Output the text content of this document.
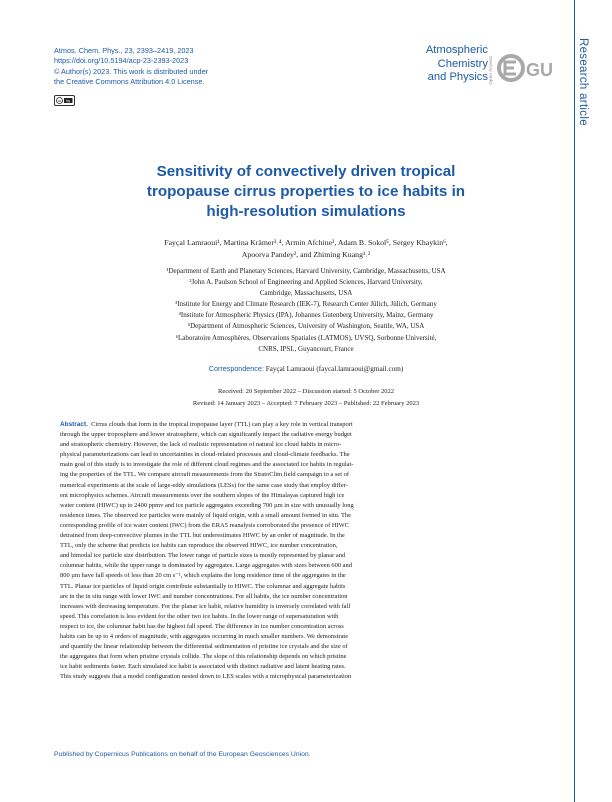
Atmos. Chem. Phys., 23, 2393–2419, 2023
https://doi.org/10.5194/acp-23-2393-2023
© Author(s) 2023. This work is distributed under
the Creative Commons Attribution 4.0 License.
cc by
Atmospheric
Chemistry
and Physics Open Access GU Research article
Sensitivity of convectively driven tropical
tropopause cirrus properties to ice habits in
high-resolution simulations
Fayçal Lamraoui¹, Martina Krämer³˒⁴, Armin Afchine³, Adam B. Sokol⁵, Sergey Khaykin⁶,
Apoorva Pandey², and Zhiming Kuang¹˒²
¹Department of Earth and Planetary Sciences, Harvard University, Cambridge, Massachusetts, USA
²John A. Paulson School of Engineering and Applied Sciences, Harvard University,
Cambridge, Massachusetts, USA
³Institute for Energy and Climate Research (IEK-7), Research Center Jülich, Jülich, Germany
⁴Institute for Atmospheric Physics (IPA), Johannes Gutenberg University, Mainz, Germany
⁵Department of Atmospheric Sciences, University of Washington, Seattle, WA, USA
⁶Laboratoire Atmosphères, Observations Spatiales (LATMOS), UVSQ, Sorbonne Université,
CNRS, IPSL, Guyancourt, France
Correspondence: Fayçal Lamraoui (faycal.lamraoui@gmail.com)
Received: 20 September 2022 – Discussion started: 5 October 2022
Revised: 14 January 2023 – Accepted: 7 February 2023 – Published: 22 February 2023
Abstract. Cirrus clouds that form in the tropical tropopause layer (TTL) can play a key role in vertical transport
through the upper troposphere and lower stratosphere, which can significantly impact the radiative energy budget
and stratospheric chemistry. However, the lack of realistic representation of natural ice cloud habits in micro-
physical parameterizations can lead to uncertainties in cloud-related processes and cloud-climate feedbacks. The
main goal of this study is to investigate the role of different cloud regimes and the associated ice habits in regulat-
ing the properties of the TTL. We compare aircraft measurements from the StratoClim field campaign to a set of
numerical experiments at the scale of large-eddy simulations (LESs) for the same case study that employ differ-
ent microphysics schemes. Aircraft measurements over the southern slopes of the Himalayas captured high ice
water content (HIWC) up to 2400 ppmv and ice particle aggregates exceeding 700 µm in size with unusually long
residence times. The observed ice particles were mainly of liquid origin, with a small amount formed in situ. The
corresponding profile of ice water content (IWC) from the ERA5 reanalysis corroborated the presence of HIWC
detrained from deep-convective plumes in the TTL but underestimates HIWC by an order of magnitude. In the
TTL, only the scheme that predicts ice habits can reproduce the observed HIWC, ice number concentration,
and bimodal ice particle size distribution. The lower range of particle sizes is mostly represented by planar and
columnar habits, while the upper range is dominated by aggregates. Large aggregates with sizes between 600 and
800 µm have fall speeds of less than 20 cm s⁻¹, which explains the long residence time of the aggregates in the
TTL. Planar ice particles of liquid origin contribute substantially to HIWC. The columnar and aggregate habits
are in the in situ range with lower IWC and number concentrations. For all habits, the ice number concentration
increases with decreasing temperature. For the planar ice habit, relative humidity is inversely correlated with fall
speed. This correlation is less evident for the other two ice habits. In the lower range of supersaturation with
respect to ice, the columnar habit has the highest fall speed. The difference in ice number concentration across
habits can be up to 4 orders of magnitude, with aggregates occurring in much smaller numbers. We demonstrate
and quantify the linear relationship between the differential sedimentation of pristine ice crystals and the size of
the aggregates that form when pristine crystals collide. The slope of this relationship depends on which pristine
ice habit sediments faster. Each simulated ice habit is associated with distinct radiative and latent heating rates.
This study suggests that a model configuration nested down to LES scales with a microphysical parameterization
Published by Copernicus Publications on behalf of the European Geosciences Union.
